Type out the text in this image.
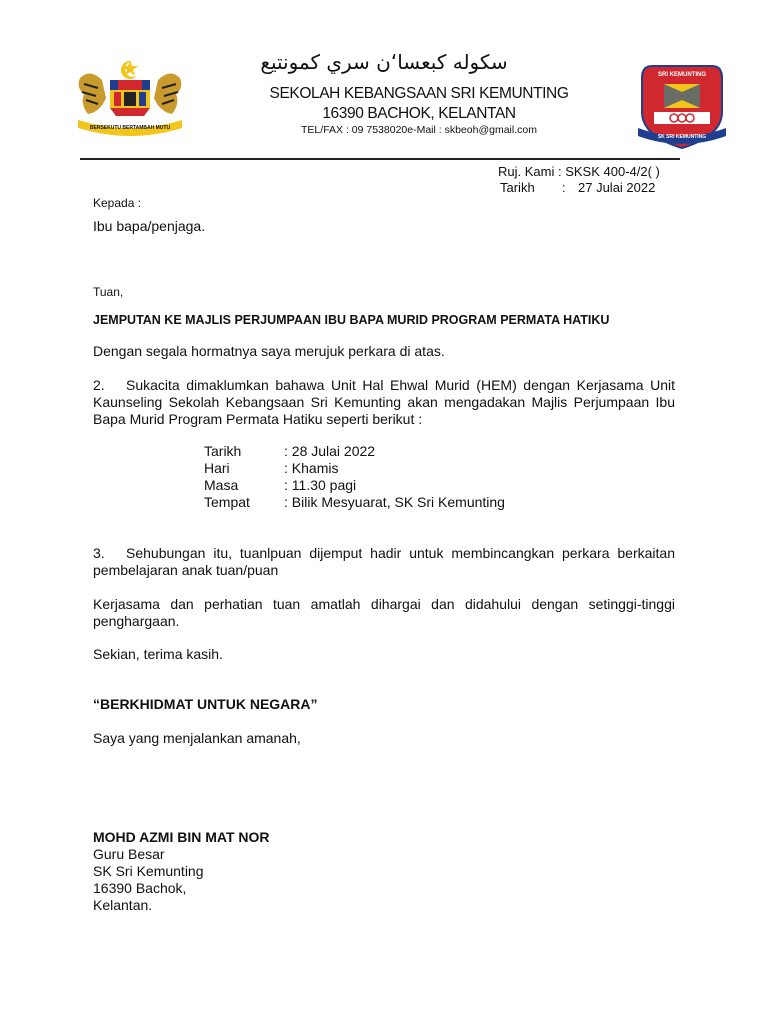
BERSEKUTU BERTAMBAH MUTU
سکوله کبعسا‘ن سري کمونتيع
SEKOLAH KEBANGSAAN SRI KEMUNTING
16390 BACHOK, KELANTAN
TEL/FAX : 09 7538020e-Mail : skbeoh@gmail.com
SRI KEMUNTING
SK SRI KEMUNTING
Ruj. Kami : SKSK 400-4/2( )
Tarikh : 27 Julai 2022
Kepada :
Ibu bapa/penjaga.
Tuan,
JEMPUTAN KE MAJLIS PERJUMPAAN IBU BAPA MURID PROGRAM PERMATA HATIKU
Dengan segala hormatnya saya merujuk perkara di atas.
2. Sukacita dimaklumkan bahawa Unit Hal Ehwal Murid (HEM) dengan Kerjasama Unit Kaunseling Sekolah Kebangsaan Sri Kemunting akan mengadakan Majlis Perjumpaan Ibu Bapa Murid Program Permata Hatiku seperti berikut :
Tarikh	: 28 Julai 2022
Hari	: Khamis
Masa	: 11.30 pagi
Tempat : Bilik Mesyuarat, SK Sri Kemunting
3. Sehubungan itu, tuanlpuan dijemput hadir untuk membincangkan perkara berkaitan pembelajaran anak tuan/puan
Kerjasama dan perhatian tuan amatlah dihargai dan didahului dengan setinggi-tinggi penghargaan.
Sekian, terima kasih.
“BERKHIDMAT UNTUK NEGARA”
Saya yang menjalankan amanah,
MOHD AZMI BIN MAT NOR
Guru Besar
SK Sri Kemunting
16390 Bachok,
Kelantan.
